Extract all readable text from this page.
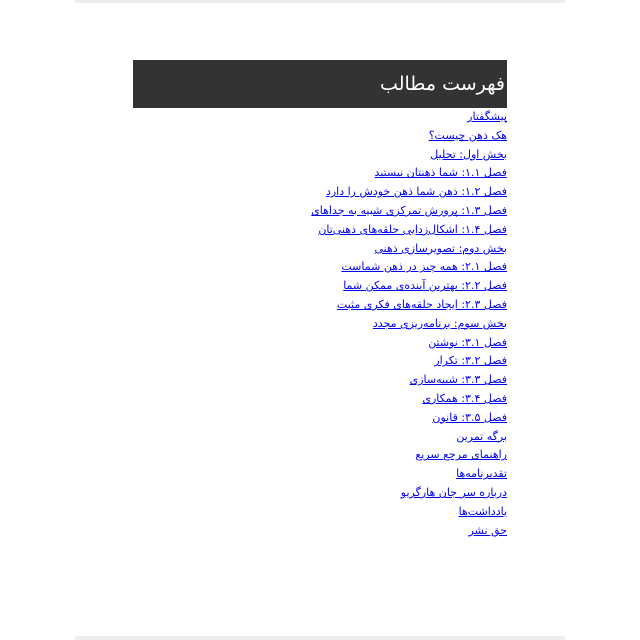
فهرست مطالب
پیشگفتار
هک ذهن چیست؟
بخش اول: تحلیل
فصل ۱.۱: شما ذهنتان نیستید
فصل ۱.۲: ذهن شما ذهن خودش را دارد
فصل ۱.۳: پرورش تمرکزی شبیه به جداهای
فصل ۱.۴: اشکال‌زدایی حلقه‌های ذهنی‌تان
بخش دوم: تصویرسازی ذهنی
فصل ۲.۱: همه چیز در ذهن شماست
فصل ۲.۲: بهترین آینده‌ی ممکن شما
فصل ۲.۳: ایجاد حلقه‌های فکری مثبت
بخش سوم: برنامه‌ریزی مجدد
فصل ۳.۱: نوشتن
فصل ۳.۲: تکرار
فصل ۳.۳: شبیه‌سازی
فصل ۳.۴: همکاری
فصل ۳.۵: قانون
برگه تمرین
راهنمای مرجع سریع
تقدیرنامه‌ها
درباره سر جان هارگریو
یادداشت‌ها
حق نشر
